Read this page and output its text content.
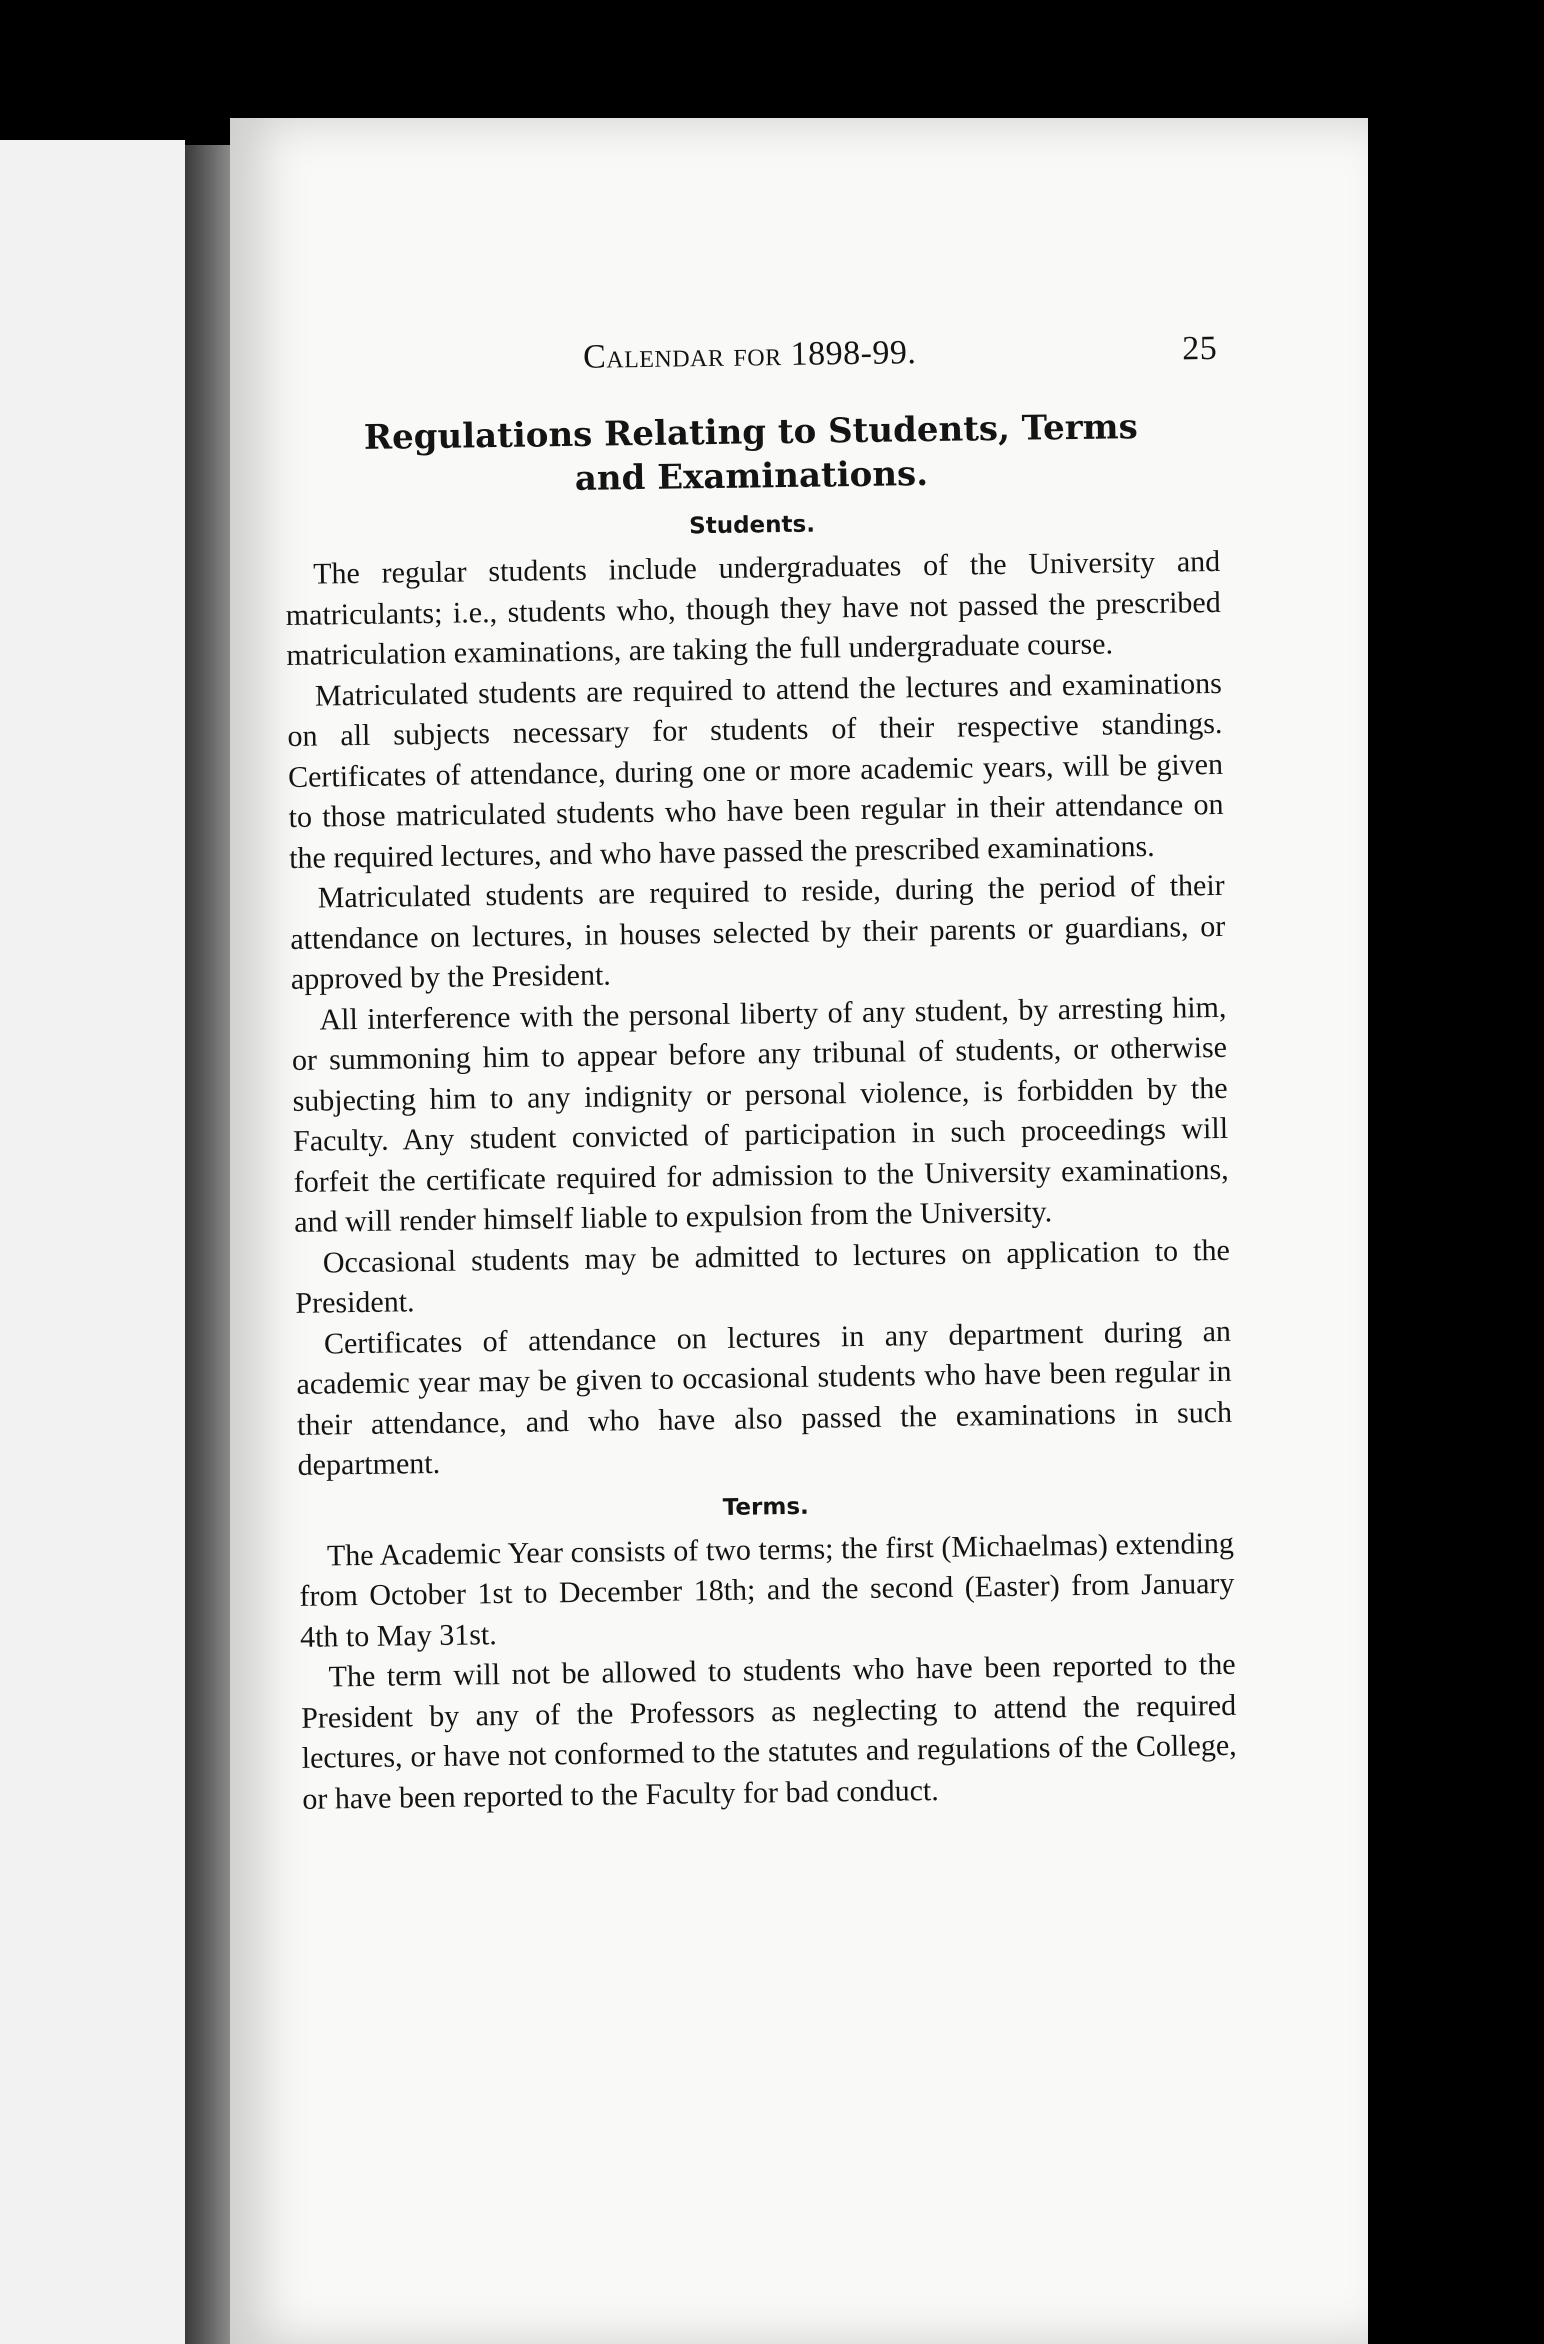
Calendar for 1898-99.	25
Regulations Relating to Students, Terms and Examinations.
Students.

The regular students include undergraduates of the University and matriculants; i.e., students who, though they have not passed the prescribed matriculation examinations, are taking the full undergraduate course.

Matriculated students are required to attend the lectures and examinations on all subjects necessary for students of their respective standings. Certificates of attendance, during one or more academic years, will be given to those matriculated students who have been regular in their attendance on the required lectures, and who have passed the prescribed examinations.

Matriculated students are required to reside, during the period of their attendance on lectures, in houses selected by their parents or guardians, or approved by the President.

All interference with the personal liberty of any student, by arresting him, or summoning him to appear before any tribunal of students, or otherwise subjecting him to any indignity or personal violence, is forbidden by the Faculty. Any student convicted of participation in such proceedings will forfeit the certificate required for admission to the University examinations, and will render himself liable to expulsion from the University.

Occasional students may be admitted to lectures on application to the President.

Certificates of attendance on lectures in any department during an academic year may be given to occasional students who have been regular in their attendance, and who have also passed the examinations in such department.

Terms.

The Academic Year consists of two terms; the first (Michaelmas) extending from October 1st to December 18th; and the second (Easter) from January 4th to May 31st.

The term will not be allowed to students who have been reported to the President by any of the Professors as neglecting to attend the required lectures, or have not conformed to the statutes and regulations of the College, or have been reported to the Faculty for bad conduct.
